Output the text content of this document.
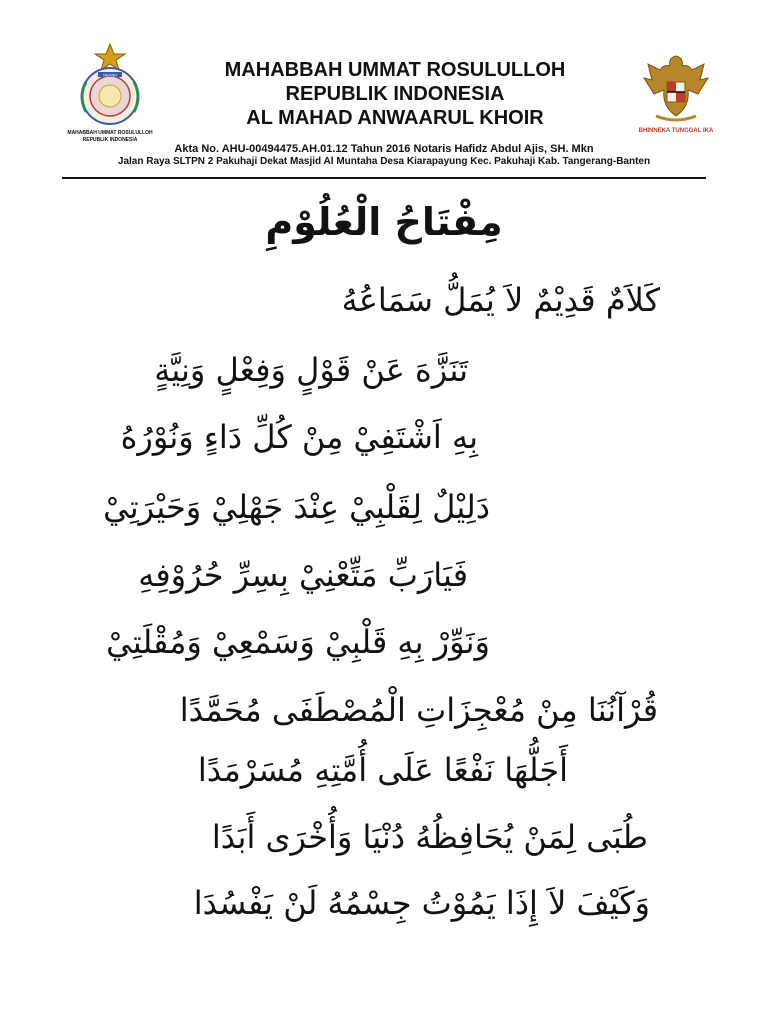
MUMRI
MAHABBAH UMMAT ROSULULLOH
REPUBLIK INDONESIA
MAHABBAH UMMAT ROSULULLOH
REPUBLIK INDONESIA
AL MAHAD ANWAARUL KHOIR
BHINNEKA TUNGGAL IKA
Akta No. AHU-00494475.AH.01.12 Tahun 2016 Notaris Hafidz Abdul Ajis, SH. Mkn
Jalan Raya SLTPN 2 Pakuhaji Dekat Masjid Al Muntaha Desa Kiarapayung Kec. Pakuhaji Kab. Tangerang-Banten
مِفْتَاحُ الْعُلُوْمِ
كَلاَمٌ قَدِيْمٌ لاَ يُمَلُّ سَمَاعُهُ
تَنَزَّهَ عَنْ قَوْلٍ وَفِعْلٍ وَنِيَّةٍ
بِهِ اَشْتَفِيْ مِنْ كُلِّ دَاءٍ وَنُوْرُهُ
دَلِيْلٌ لِقَلْبِيْ عِنْدَ جَهْلِيْ وَحَيْرَتِيْ
فَيَارَبِّ مَتِّعْنِيْ بِسِرِّ حُرُوْفِهِ
وَنَوِّرْ بِهِ قَلْبِيْ وَسَمْعِيْ وَمُقْلَتِيْ
قُرْآنُنَا مِنْ مُعْجِزَاتِ الْمُصْطَفَى مُحَمَّدًا
أَجَلُّهَا نَفْعًا عَلَى أُمَّتِهِ مُسَرْمَدًا
طُبَى لِمَنْ يُحَافِظُهُ دُنْيَا وَأُخْرَى أَبَدًا
وَكَيْفَ لاَ إِذَا يَمُوْتُ جِسْمُهُ لَنْ يَفْسُدَا
